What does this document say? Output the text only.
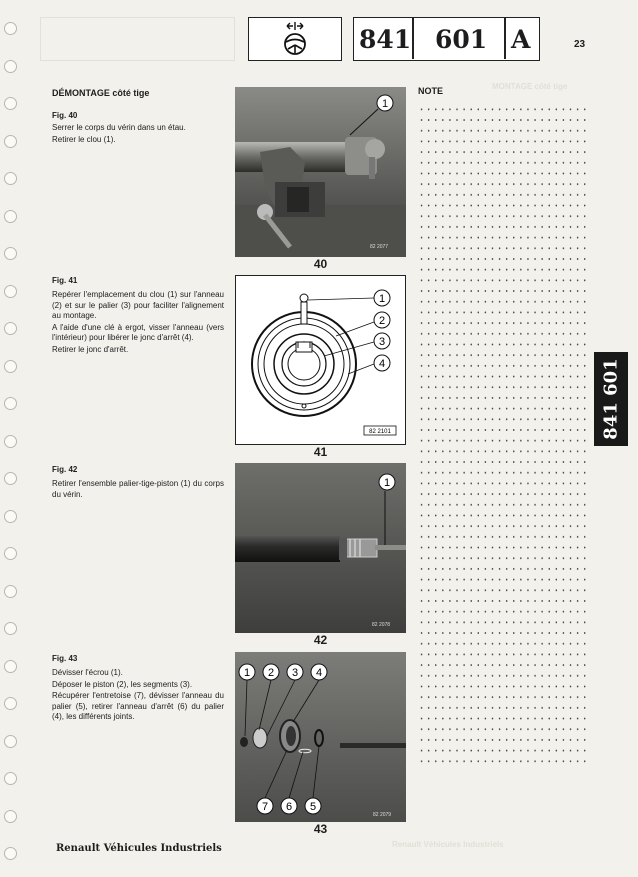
MONTAGE côté tige
Renault Véhicules Industriels
841 601 A	23
DÉMONTAGE côté tige
Fig. 40

Serrer le corps du vérin dans un étau.

Retirer le clou (1).

1
82 2077
40
Fig. 41

Repérer l'emplacement du clou (1) sur l'anneau (2) et sur le palier (3) pour faciliter l'alignement au montage.

A l'aide d'une clé à ergot, visser l'anneau (vers l'intérieur) pour libérer le jonc d'arrêt (4).

Retirer le jonc d'arrêt.

1
2
3
4
82 2101
41
Fig. 42

Retirer l'ensemble palier-tige-piston (1) du corps du vérin.

1
82 2078
42
Fig. 43

Dévisser l'écrou (1).

Déposer le piston (2), les segments (3).

Récupérer l'entretoise (7), dévisser l'anneau du palier (5), retirer l'anneau d'arrêt (6) du palier (4), les différents joints.

1 2 3 4
7 6 5
82 2079
43
NOTE
841 601
Renault Véhicules Industriels
